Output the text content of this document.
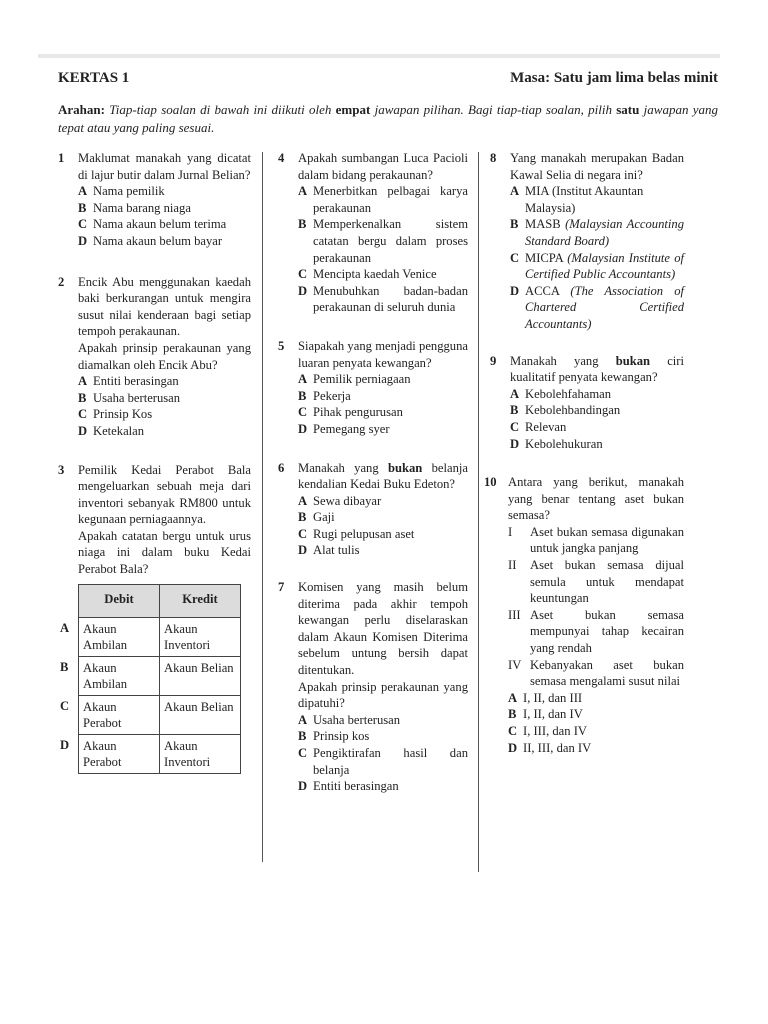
KERTAS 1	Masa: Satu jam lima belas minit
Arahan: Tiap-tiap soalan di bawah ini diikuti oleh empat jawapan pilihan. Bagi tiap-tiap soalan, pilih satu jawapan yang tepat atau yang paling sesuai.
1	Maklumat manakah yang dicatat di lajur butir dalam Jurnal Belian?
A Nama pemilik
B Nama barang niaga
C Nama akaun belum terima
D Nama akaun belum bayar
2	Encik Abu menggunakan kaedah baki berkurangan untuk mengira susut nilai kenderaan bagi setiap tempoh perakaunan.
Apakah prinsip perakaunan yang diamalkan oleh Encik Abu?
A Entiti berasingan
B Usaha berterusan
C Prinsip Kos
D Ketekalan
3	Pemilik Kedai Perabot Bala mengeluarkan sebuah meja dari inventori sebanyak RM800 untuk kegunaan perniagaannya.
Apakah catatan bergu untuk urus niaga ini dalam buku Kedai Perabot Bala?
	Debit	Kredit
A	Akaun Ambilan	Akaun Inventori
B	Akaun Ambilan	Akaun Belian
C	Akaun Perabot	Akaun Belian
D	Akaun Perabot	Akaun Inventori
4	Apakah sumbangan Luca Pacioli dalam bidang perakaunan?
A Menerbitkan pelbagai karya perakaunan
B Memperkenalkan sistem catatan bergu dalam proses perakaunan
C Mencipta kaedah Venice
D Menubuhkan badan-badan perakaunan di seluruh dunia
5	Siapakah yang menjadi pengguna luaran penyata kewangan?
A Pemilik perniagaan
B Pekerja
C Pihak pengurusan
D Pemegang syer
6	Manakah yang bukan belanja kendalian Kedai Buku Edeton?
A Sewa dibayar
B Gaji
C Rugi pelupusan aset
D Alat tulis
7	Komisen yang masih belum diterima pada akhir tempoh kewangan perlu diselaraskan dalam Akaun Komisen Diterima sebelum untung bersih dapat ditentukan.
Apakah prinsip perakaunan yang dipatuhi?
A Usaha berterusan
B Prinsip kos
C Pengiktirafan hasil dan belanja
D Entiti berasingan
8	Yang manakah merupakan Badan Kawal Selia di negara ini?
A MIA (Institut Akauntan Malaysia)
B MASB (Malaysian Accounting Standard Board)
C MICPA (Malaysian Institute of Certified Public Accountants)
D ACCA (The Association of Chartered Certified Accountants)
9	Manakah yang bukan ciri kualitatif penyata kewangan?
A Kebolehfahaman
B Kebolehbandingan
C Relevan
D Kebolehukuran
10 Antara yang berikut, manakah yang benar tentang aset bukan semasa?
I	Aset bukan semasa digunakan untuk jangka panjang
II	Aset bukan semasa dijual semula untuk mendapat keuntungan
III Aset bukan semasa mempunyai tahap kecairan yang rendah
IV Kebanyakan aset bukan semasa mengalami susut nilai
A I, II, dan III
B I, II, dan IV
C I, III, dan IV
D II, III, dan IV
